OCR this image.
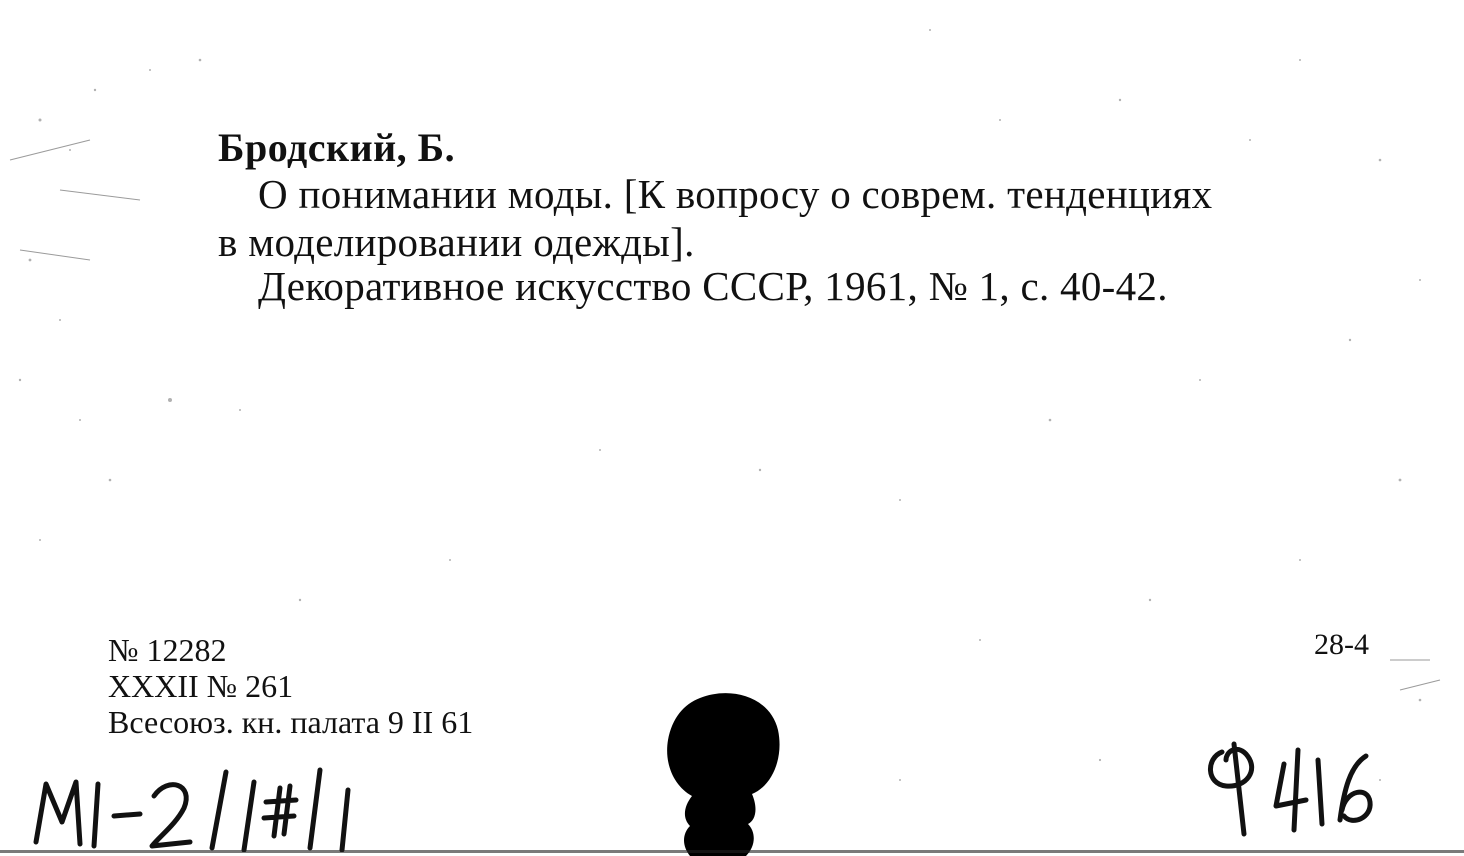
Бродский, Б.
О понимании моды. [К вопросу о соврем. тенденциях
в моделировании одежды].
Декоративное искусство СССР, 1961, № 1, с. 40-42.
№ 12282
XXXII № 261
Всесоюз. кн. палата 9 II 61
28-4
